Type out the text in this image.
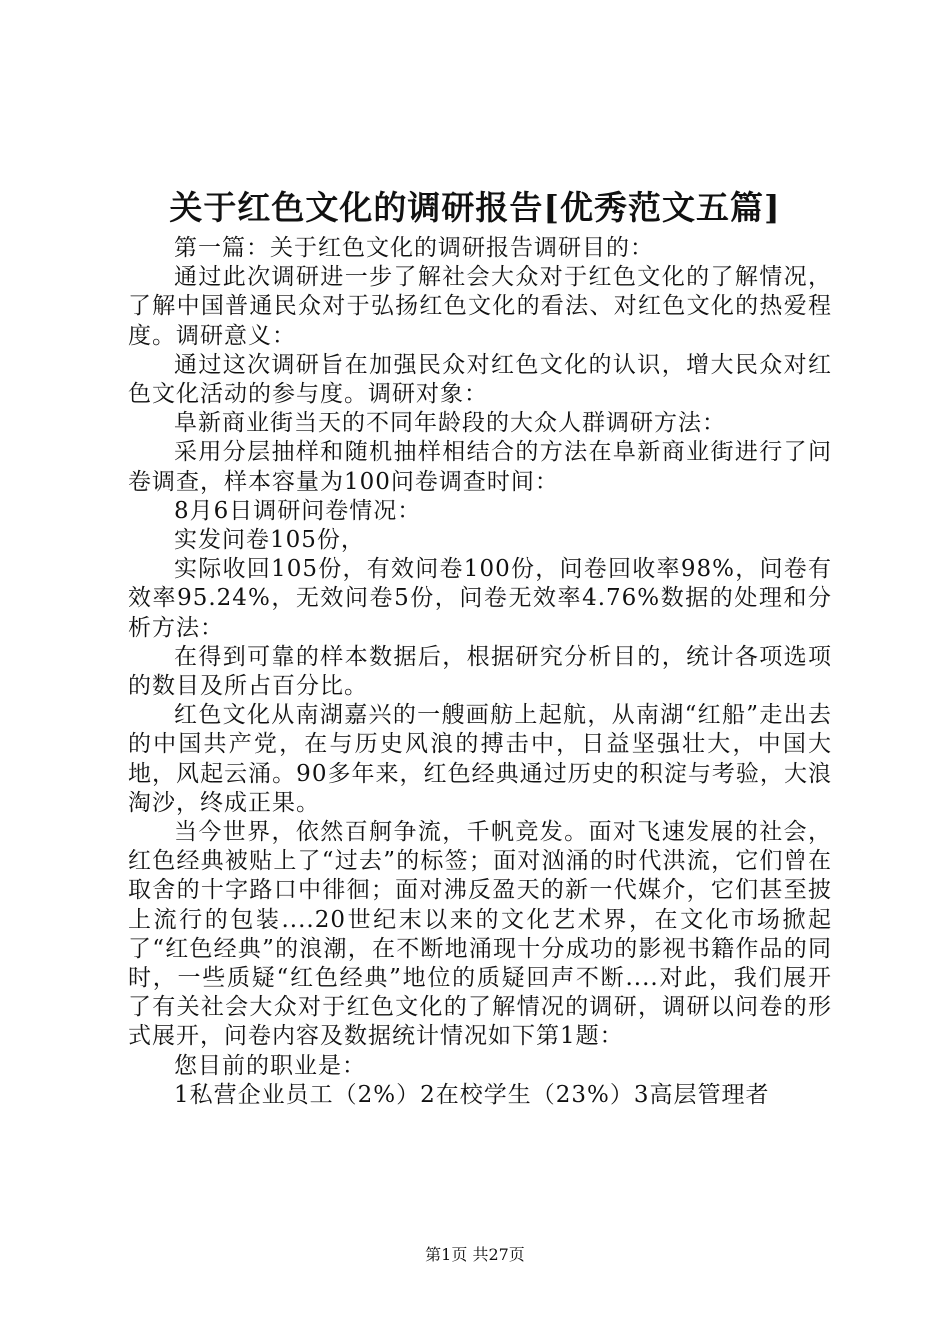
关于红色文化的调研报告[优秀范文五篇]

第一篇：关于红色文化的调研报告调研目的：

通过此次调研进一步了解社会大众对于红色文化的了解情况，了解中国普通民众对于弘扬红色文化的看法、对红色文化的热爱程度。调研意义：

通过这次调研旨在加强民众对红色文化的认识，增大民众对红色文化活动的参与度。调研对象：

阜新商业街当天的不同年龄段的大众人群调研方法：

采用分层抽样和随机抽样相结合的方法在阜新商业街进行了问卷调查，样本容量为100问卷调查时间：

8月6日调研问卷情况：

实发问卷105份，

实际收回105份，有效问卷100份，问卷回收率98%，问卷有效率95.24%，无效问卷5份，问卷无效率4.76%数据的处理和分析方法：

在得到可靠的样本数据后，根据研究分析目的，统计各项选项的数目及所占百分比。

红色文化从南湖嘉兴的一艘画舫上起航，从南湖“红船”走出去的中国共产党，在与历史风浪的搏击中，日益坚强壮大，中国大地，风起云涌。90多年来，红色经典通过历史的积淀与考验，大浪淘沙，终成正果。

当今世界，依然百舸争流，千帆竞发。面对飞速发展的社会，红色经典被贴上了“过去”的标签；面对汹涌的时代洪流，它们曾在取舍的十字路口中徘徊；面对沸反盈天的新一代媒介，它们甚至披上流行的包装....20世纪末以来的文化艺术界，在文化市场掀起了“红色经典”的浪潮，在不断地涌现十分成功的影视书籍作品的同时，一些质疑“红色经典”地位的质疑回声不断....对此，我们展开了有关社会大众对于红色文化的了解情况的调研，调研以问卷的形式展开，问卷内容及数据统计情况如下第1题：

您目前的职业是：

1私营企业员工（2%）2在校学生（23%）3高层管理者

第1页 共27页
